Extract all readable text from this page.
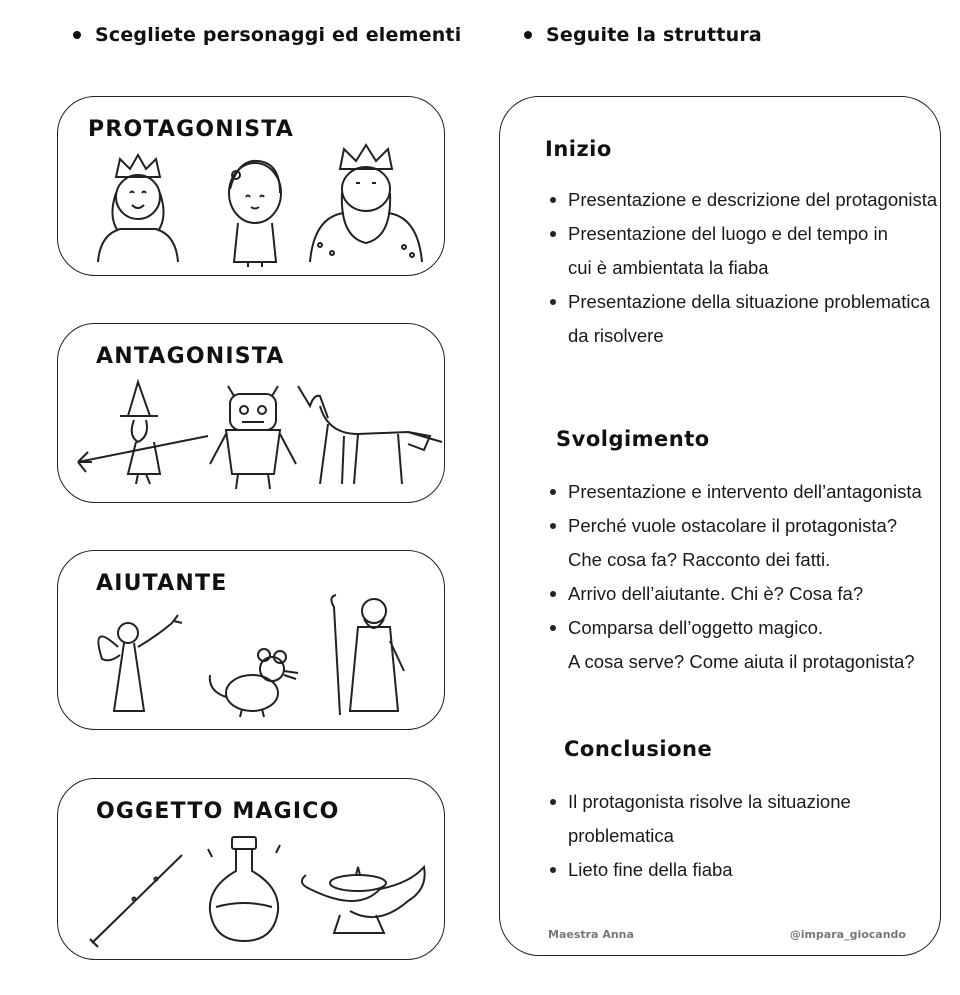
Scegliete personaggi ed elementi	Seguite la struttura
PROTAGONISTA
ANTAGONISTA
AIUTANTE
OGGETTO MAGICO
Inizio
Presentazione e descrizione del protagonista
Presentazione del luogo e del tempo in
cui è ambientata la fiaba
Presentazione della situazione problematica
da risolvere
Svolgimento
Presentazione e intervento dell’antagonista
Perché vuole ostacolare il protagonista?
Che cosa fa? Racconto dei fatti.
Arrivo dell’aiutante. Chi è? Cosa fa?
Comparsa dell’oggetto magico.
A cosa serve? Come aiuta il protagonista?
Conclusione
Il protagonista risolve la situazione
problematica
Lieto fine della fiaba
Maestra Anna	@impara_giocando
